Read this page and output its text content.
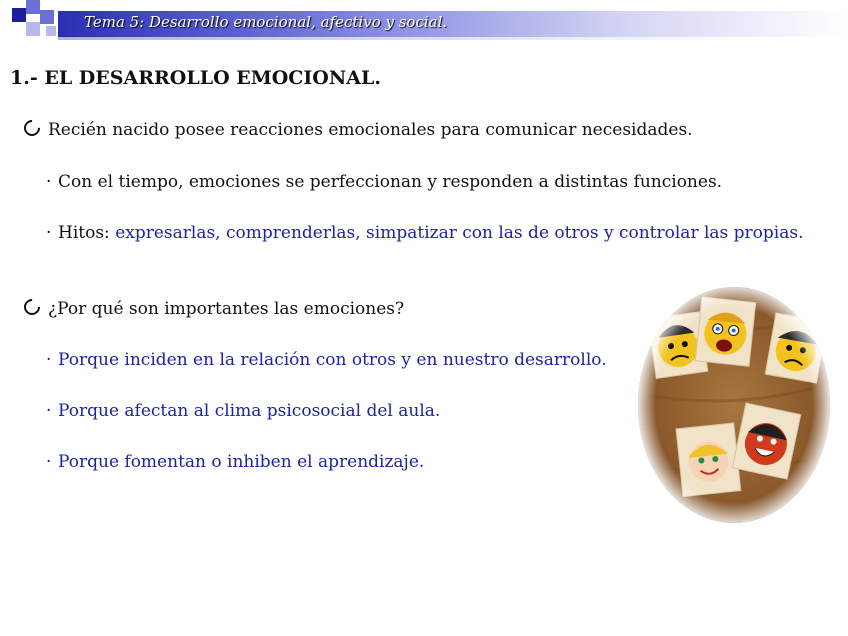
Tema 5: Desarrollo emocional, afectivo y social.
1.- EL DESARROLLO EMOCIONAL.
Recién nacido posee reacciones emocionales para comunicar necesidades.
· Con el tiempo, emociones se perfeccionan y responden a distintas funciones.
· Hitos: expresarlas, comprenderlas, simpatizar con las de otros y controlar las propias.
¿Por qué son importantes las emociones?
· Porque inciden en la relación con otros y en nuestro desarrollo.
· Porque afectan al clima psicosocial del aula.
· Porque fomentan o inhiben el aprendizaje.
